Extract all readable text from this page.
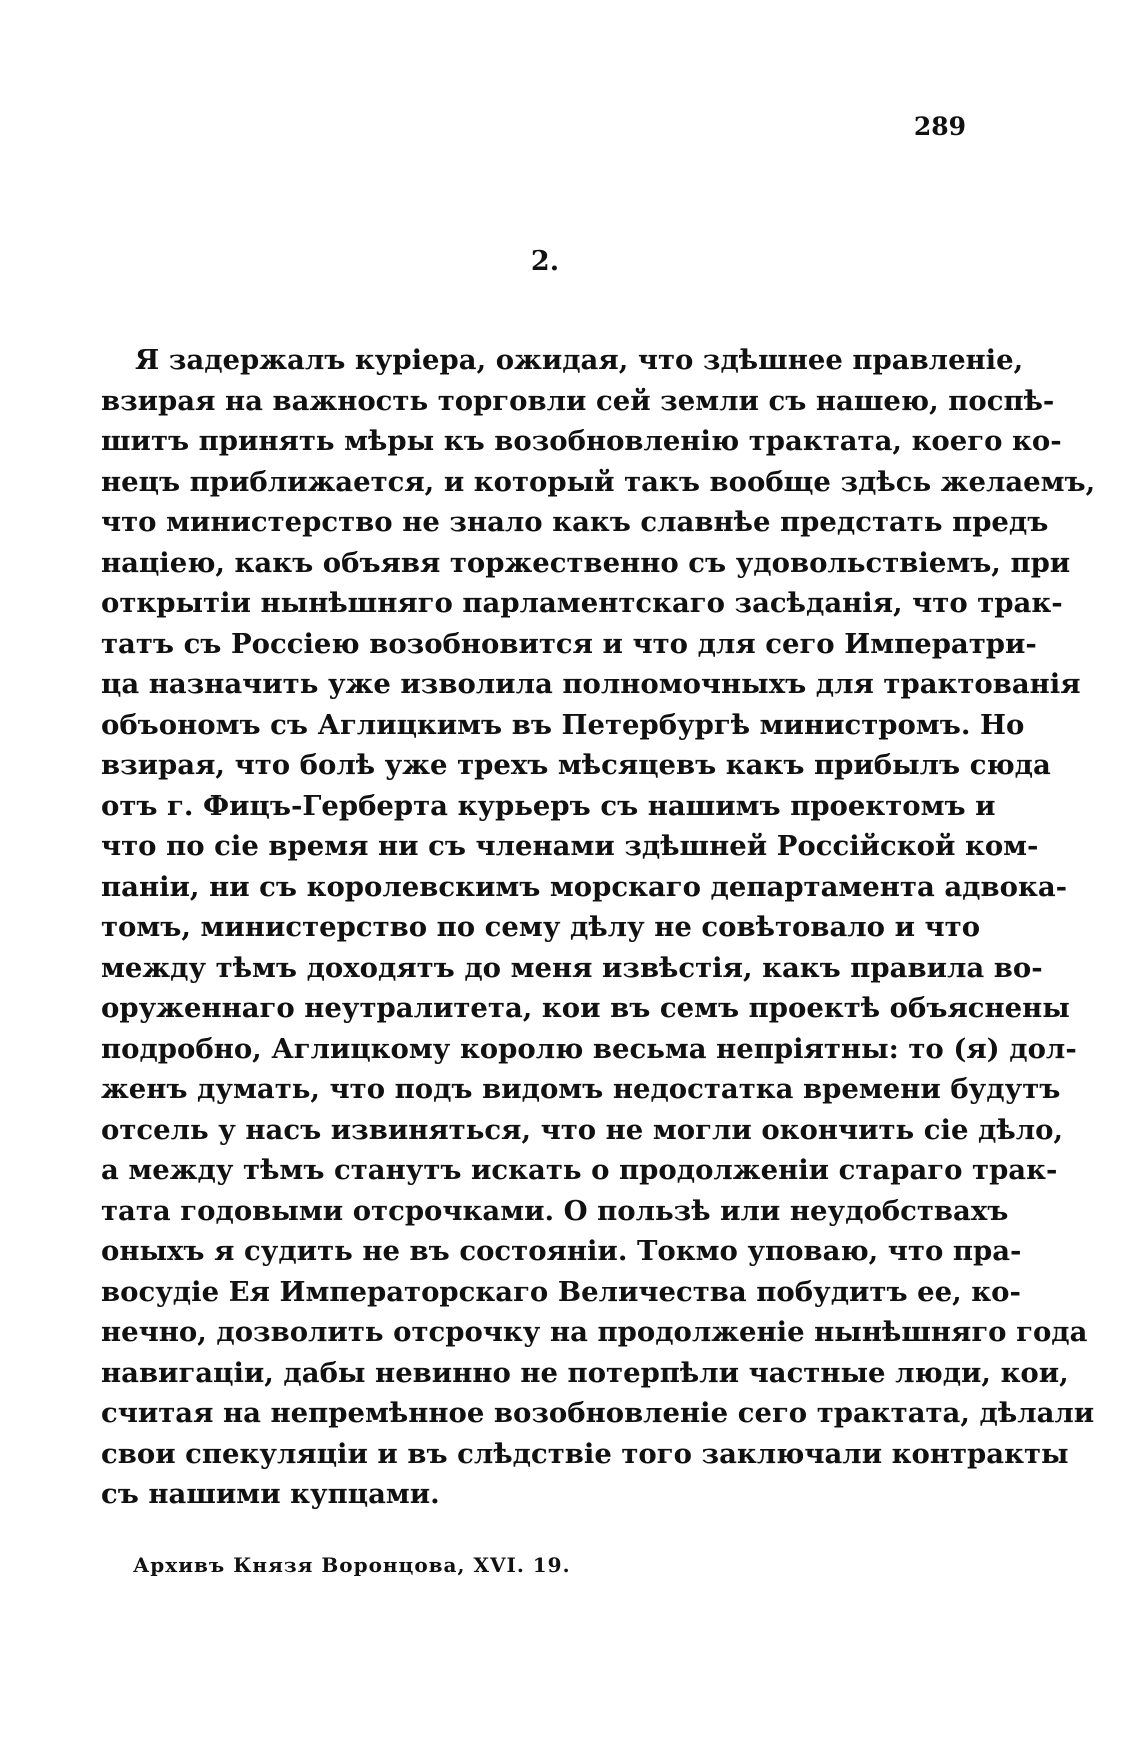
289
2.
Я задержалъ куріера, ожидая, что здѣшнее правленіе,
взирая на важность торговли сей земли съ нашею, поспѣ-
шитъ принять мѣры къ возобновленію трактата, коего ко-
нецъ приближается, и который такъ вообще здѣсь желаемъ,
что министерство не знало какъ славнѣе предстать предъ
націею, какъ объявя торжественно съ удовольствіемъ, при
открытіи нынѣшняго парламентскаго засѣданія, что трак-
татъ съ Россіею возобновится и что для сего Императри-
ца назначить уже изволила полномочныхъ для трактованія
объономъ съ Аглицкимъ въ Петербургѣ министромъ. Но
взирая, что болѣ уже трехъ мѣсяцевъ какъ прибылъ сюда
отъ г. Фицъ-Герберта курьеръ съ нашимъ проектомъ и
что по сіе время ни съ членами здѣшней Россійской ком-
паніи, ни съ королевскимъ морскаго департамента адвока-
томъ, министерство по сему дѣлу не совѣтовало и что
между тѣмъ доходятъ до меня извѣстія, какъ правила во-
оруженнаго неутралитета, кои въ семъ проектѣ объяснены
подробно, Аглицкому королю весьма непріятны: то (я) дол-
женъ думать, что подъ видомъ недостатка времени будутъ
отсель у насъ извиняться, что не могли окончить сіе дѣло,
а между тѣмъ станутъ искать о продолженіи стараго трак-
тата годовыми отсрочками. О пользѣ или неудобствахъ
оныхъ я судить не въ состояніи. Токмо уповаю, что пра-
восудіе Ея Императорскаго Величества побудитъ ее, ко-
нечно, дозволить отсрочку на продолженіе нынѣшняго года
навигаціи, дабы невинно не потерпѣли частные люди, кои,
считая на непремѣнное возобновленіе сего трактата, дѣлали
свои спекуляціи и въ слѣдствіе того заключали контракты
съ нашими купцами.
Архивъ Князя Воронцова, XVI. 19.
